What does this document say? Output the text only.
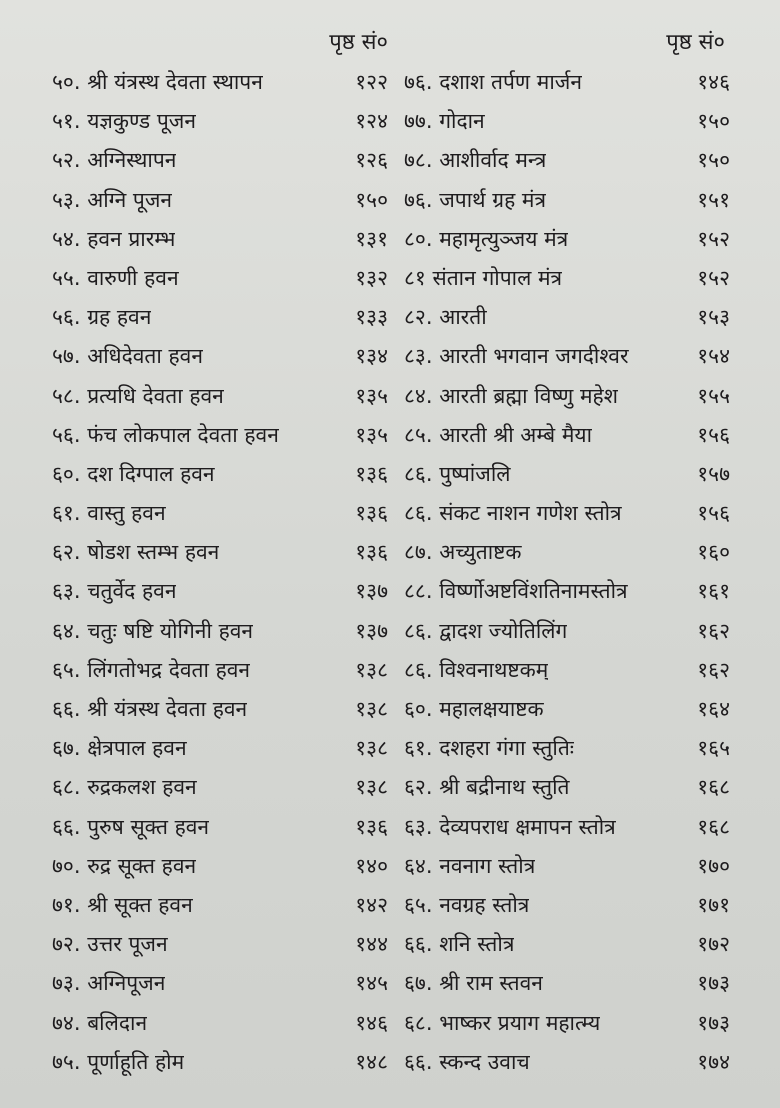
पृष्ठ सं०	पृष्ठ सं०
५०. श्री यंत्रस्थ देवता स्थापन	१२२
५१. यज्ञकुण्ड पूजन	१२४
५२. अग्निस्थापन	१२६
५३. अग्नि पूजन	१५०
५४. हवन प्रारम्भ	१३१
५५. वारुणी हवन	१३२
५६. ग्रह हवन	१३३
५७. अधिदेवता हवन	१३४
५८. प्रत्यधि देवता हवन	१३५
५६. फंच लोकपाल देवता हवन	१३५
६०. दश दिग्पाल हवन	१३६
६१. वास्तु हवन	१३६
६२. षोडश स्तम्भ हवन	१३६
६३. चतुर्वेद हवन	१३७
६४. चतुः षष्टि योगिनी हवन	१३७
६५. लिंगतोभद्र देवता हवन	१३८
६६. श्री यंत्रस्थ देवता हवन	१३८
६७. क्षेत्रपाल हवन	१३८
६८. रुद्रकलश हवन	१३८
६६. पुरुष सूक्त हवन	१३६
७०. रुद्र सूक्त हवन	१४०
७१. श्री सूक्त हवन	१४२
७२. उत्तर पूजन	१४४
७३. अग्निपूजन	१४५
७४. बलिदान	१४६
७५. पूर्णाहूति होम	१४८
७६. दशाश तर्पण मार्जन	१४६
७७. गोदान	१५०
७८. आशीर्वाद मन्त्र	१५०
७६. जपार्थ ग्रह मंत्र	१५१
८०. महामृत्युञ्जय मंत्र	१५२
८१ संतान गोपाल मंत्र	१५२
८२. आरती	१५३
८३. आरती भगवान जगदीश्वर	१५४
८४. आरती ब्रह्मा विष्णु महेश	१५५
८५. आरती श्री अम्बे मैया	१५६
८६. पुष्पांजलि	१५७
८६. संकट नाशन गणेश स्तोत्र	१५६
८७. अच्युताष्टक	१६०
८८. विर्ष्णोअष्टविंशतिनामस्तोत्र	१६१
८६. द्वादश ज्योतिलिंग	१६२
८६. विश्वनाथष्टकम्	१६२
६०. महालक्षयाष्टक	१६४
६१. दशहरा गंगा स्तुतिः	१६५
६२. श्री बद्रीनाथ स्तुति	१६८
६३. देव्यपराध क्षमापन स्तोत्र	१६८
६४. नवनाग स्तोत्र	१७०
६५. नवग्रह स्तोत्र	१७१
६६. शनि स्तोत्र	१७२
६७. श्री राम स्तवन	१७३
६८. भाष्कर प्रयाग महात्म्य	१७३
६६. स्कन्द उवाच	१७४
